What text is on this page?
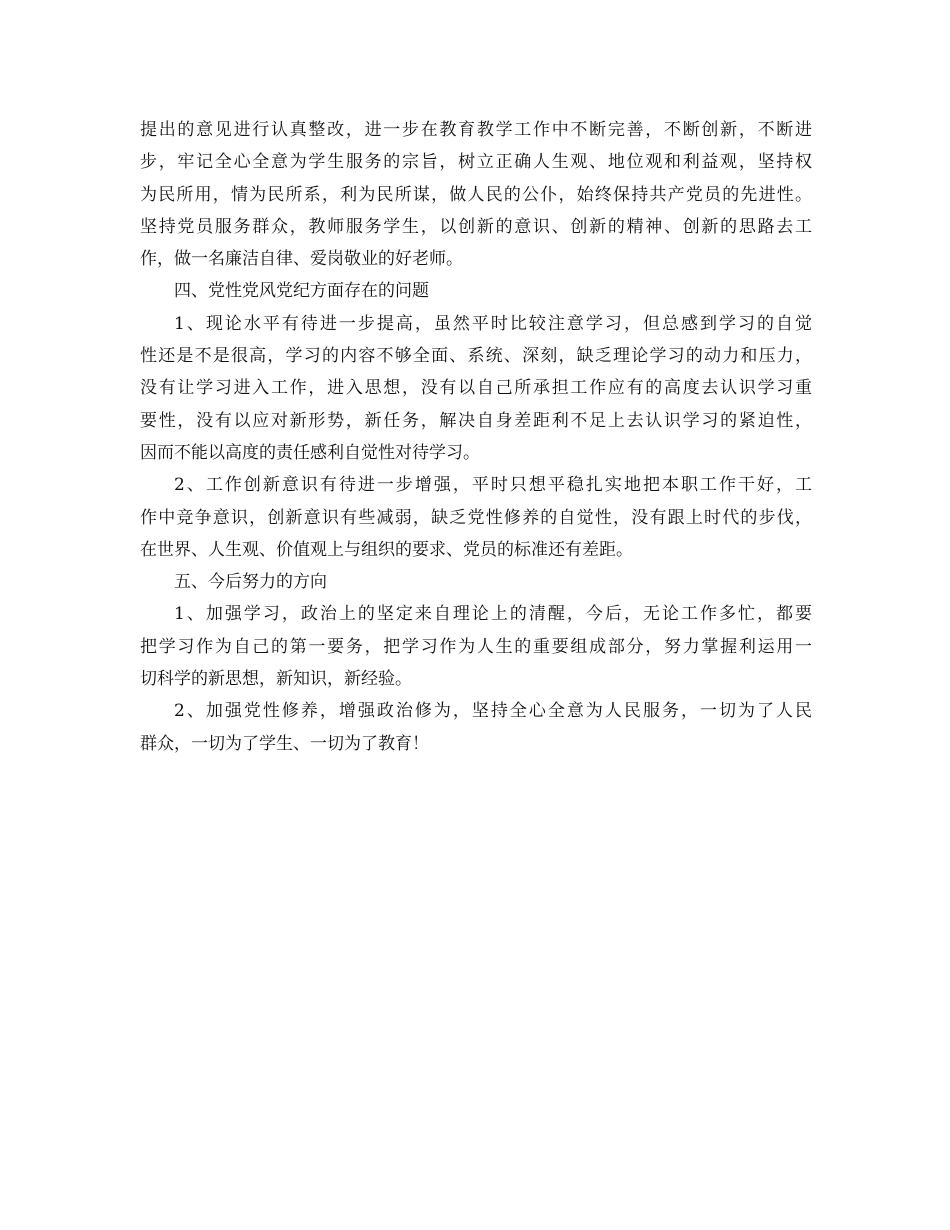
提出的意见进行认真整改，进一步在教育教学工作中不断完善，不断创新，不断进
步，牢记全心全意为学生服务的宗旨，树立正确人生观、地位观和利益观，坚持权
为民所用，情为民所系，利为民所谋，做人民的公仆，始终保持共产党员的先进性。
坚持党员服务群众，教师服务学生，以创新的意识、创新的精神、创新的思路去工
作，做一名廉洁自律、爱岗敬业的好老师。
四、党性党风党纪方面存在的问题
1、现论水平有待进一步提高，虽然平时比较注意学习，但总感到学习的自觉
性还是不是很高，学习的内容不够全面、系统、深刻，缺乏理论学习的动力和压力，
没有让学习进入工作，进入思想，没有以自己所承担工作应有的高度去认识学习重
要性，没有以应对新形势，新任务，解决自身差距利不足上去认识学习的紧迫性，
因而不能以高度的责任感利自觉性对待学习。
2、工作创新意识有待进一步增强，平时只想平稳扎实地把本职工作干好，工
作中竞争意识，创新意识有些减弱，缺乏党性修养的自觉性，没有跟上时代的步伐，
在世界、人生观、价值观上与组织的要求、党员的标准还有差距。
五、今后努力的方向
1、加强学习，政治上的坚定来自理论上的清醒，今后，无论工作多忙，都要
把学习作为自己的第一要务，把学习作为人生的重要组成部分，努力掌握利运用一
切科学的新思想，新知识，新经验。
2、加强党性修养，增强政治修为，坚持全心全意为人民服务，一切为了人民
群众，一切为了学生、一切为了教育！
